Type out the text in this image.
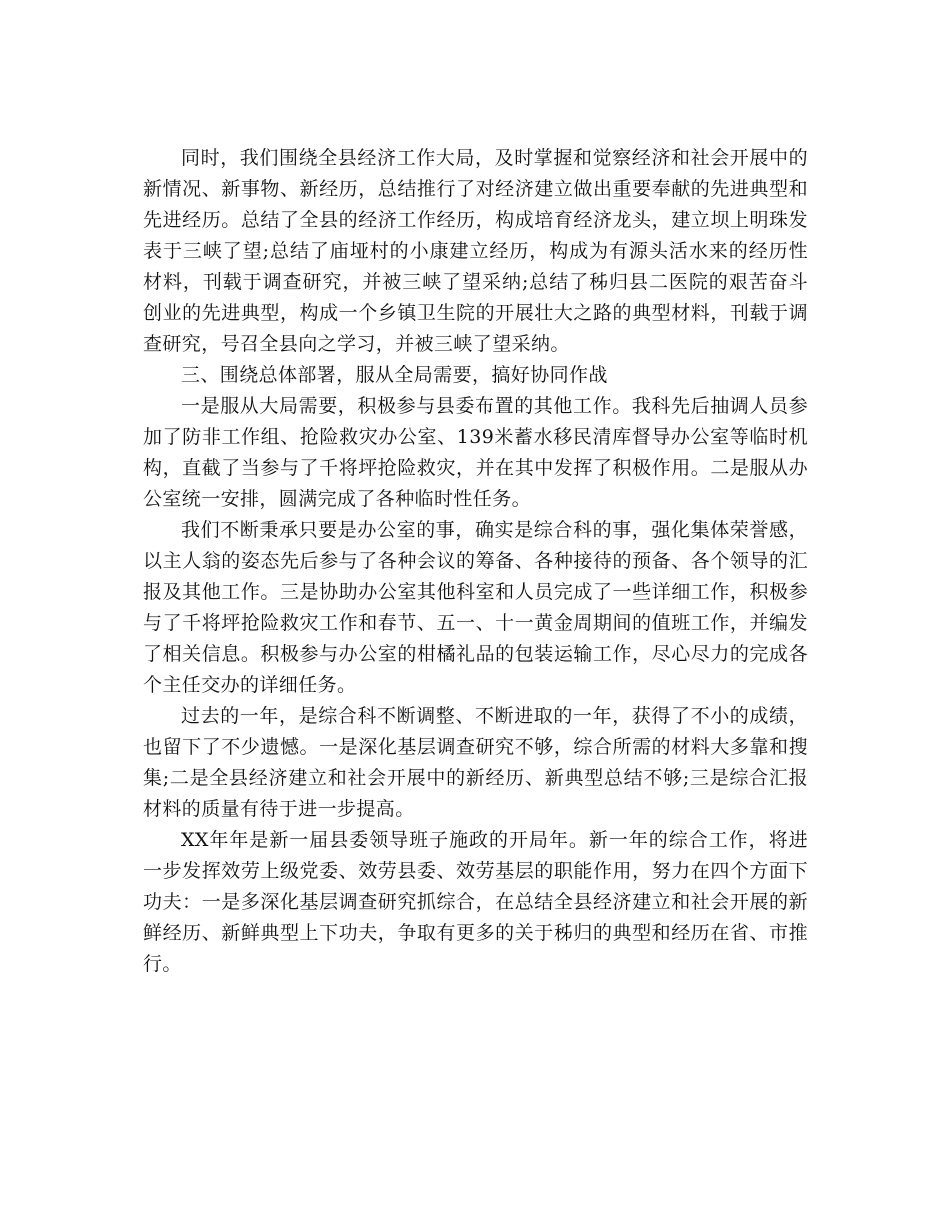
同时，我们围绕全县经济工作大局，及时掌握和觉察经济和社会开展中的新情况、新事物、新经历，总结推行了对经济建立做出重要奉献的先进典型和先进经历。总结了全县的经济工作经历，构成培育经济龙头，建立坝上明珠发表于三峡了望;总结了庙垭村的小康建立经历，构成为有源头活水来的经历性材料，刊载于调查研究，并被三峡了望采纳;总结了秭归县二医院的艰苦奋斗创业的先进典型，构成一个乡镇卫生院的开展壮大之路的典型材料，刊载于调查研究，号召全县向之学习，并被三峡了望采纳。

三、围绕总体部署，服从全局需要，搞好协同作战

一是服从大局需要，积极参与县委布置的其他工作。我科先后抽调人员参加了防非工作组、抢险救灾办公室、139米蓄水移民清库督导办公室等临时机构，直截了当参与了千将坪抢险救灾，并在其中发挥了积极作用。二是服从办公室统一安排，圆满完成了各种临时性任务。

我们不断秉承只要是办公室的事，确实是综合科的事，强化集体荣誉感，以主人翁的姿态先后参与了各种会议的筹备、各种接待的预备、各个领导的汇报及其他工作。三是协助办公室其他科室和人员完成了一些详细工作，积极参与了千将坪抢险救灾工作和春节、五一、十一黄金周期间的值班工作，并编发了相关信息。积极参与办公室的柑橘礼品的包装运输工作，尽心尽力的完成各个主任交办的详细任务。

过去的一年，是综合科不断调整、不断进取的一年，获得了不小的成绩，也留下了不少遗憾。一是深化基层调查研究不够，综合所需的材料大多靠和搜集;二是全县经济建立和社会开展中的新经历、新典型总结不够;三是综合汇报材料的质量有待于进一步提高。

XX年年是新一届县委领导班子施政的开局年。新一年的综合工作，将进一步发挥效劳上级党委、效劳县委、效劳基层的职能作用，努力在四个方面下功夫：一是多深化基层调查研究抓综合，在总结全县经济建立和社会开展的新鲜经历、新鲜典型上下功夫，争取有更多的关于秭归的典型和经历在省、市推行。
